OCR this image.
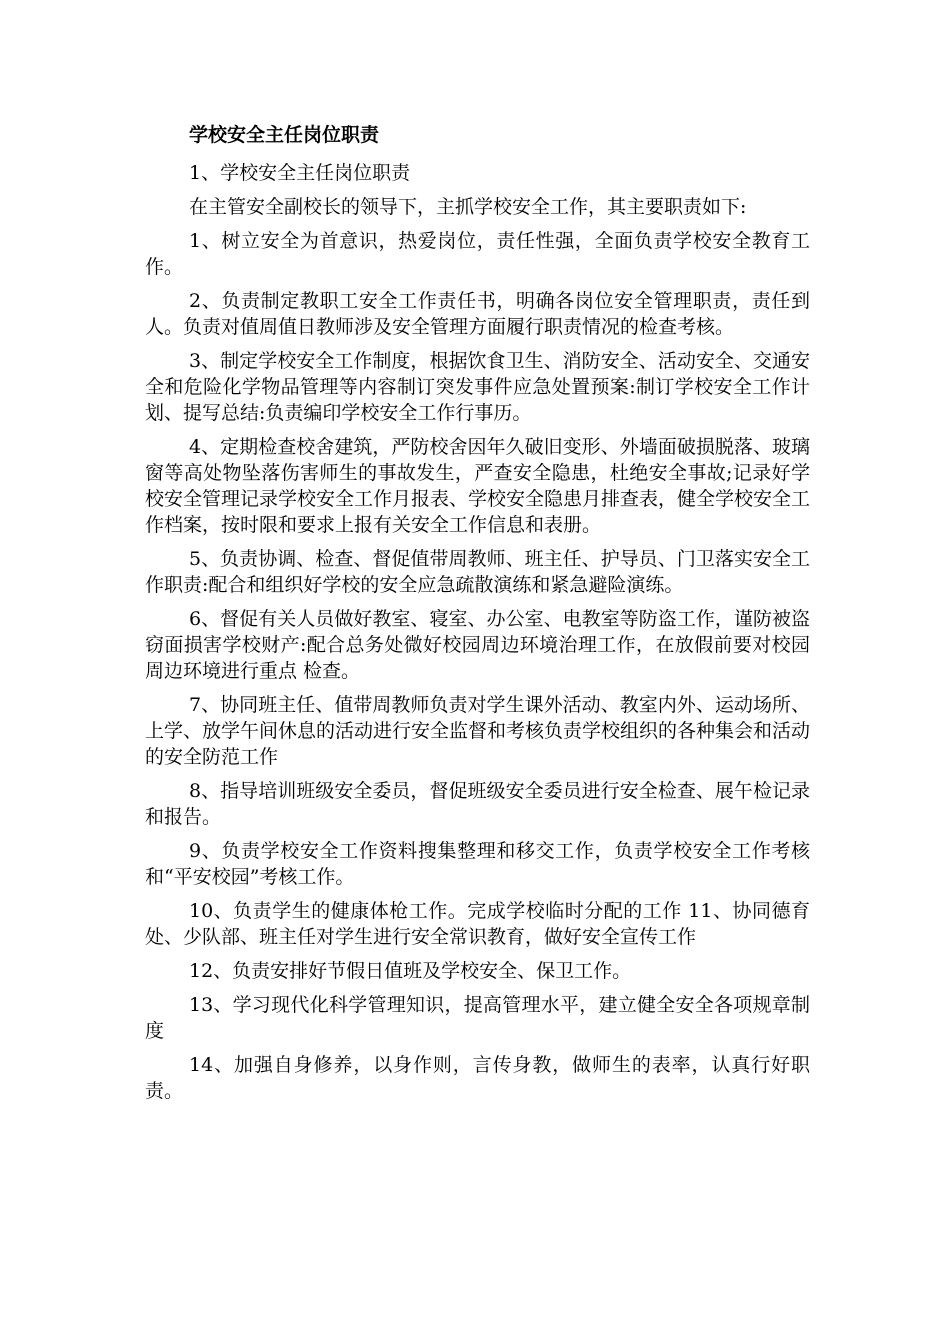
学校安全主任岗位职责
1、学校安全主任岗位职责

在主管安全副校长的领导下，主抓学校安全工作，其主要职责如下:

1、树立安全为首意识，热爱岗位，责任性强，全面负责学校安全教育工作。

2、负责制定教职工安全工作责任书，明确各岗位安全管理职责，责任到人。负责对值周值日教师涉及安全管理方面履行职责情况的检查考核。

3、制定学校安全工作制度，根据饮食卫生、消防安全、活动安全、交通安全和危险化学物品管理等内容制订突发事件应急处置预案:制订学校安全工作计划、提写总结:负责编印学校安全工作行事历。

4、定期检查校舍建筑，严防校舍因年久破旧变形、外墙面破损脱落、玻璃窗等高处物坠落伤害师生的事故发生，严查安全隐患，杜绝安全事故;记录好学校安全管理记录学校安全工作月报表、学校安全隐患月排查表，健全学校安全工作档案，按时限和要求上报有关安全工作信息和表册。

5、负责协调、检查、督促值带周教师、班主任、护导员、门卫落实安全工作职责:配合和组织好学校的安全应急疏散演练和紧急避险演练。

6、督促有关人员做好教室、寝室、办公室、电教室等防盗工作，谨防被盗窃面损害学校财产:配合总务处微好校园周边环境治理工作，在放假前要对校园周边环境进行重点 检查。

7、协同班主任、值带周教师负责对学生课外活动、教室内外、运动场所、上学、放学午间休息的活动进行安全监督和考核负责学校组织的各种集会和活动的安全防范工作

8、指导培训班级安全委员，督促班级安全委员进行安全检查、展午检记录和报告。

9、负责学校安全工作资料搜集整理和移交工作，负责学校安全工作考核和“平安校园”考核工作。

10、负责学生的健康体枪工作。完成学校临时分配的工作 11、协同德育处、少队部、班主任对学生进行安全常识教育，做好安全宣传工作

12、负责安排好节假日值班及学校安全、保卫工作。

13、学习现代化科学管理知识，提高管理水平，建立健全安全各项规章制度

14、加强自身修养，以身作则，言传身教，做师生的表率，认真行好职责。
